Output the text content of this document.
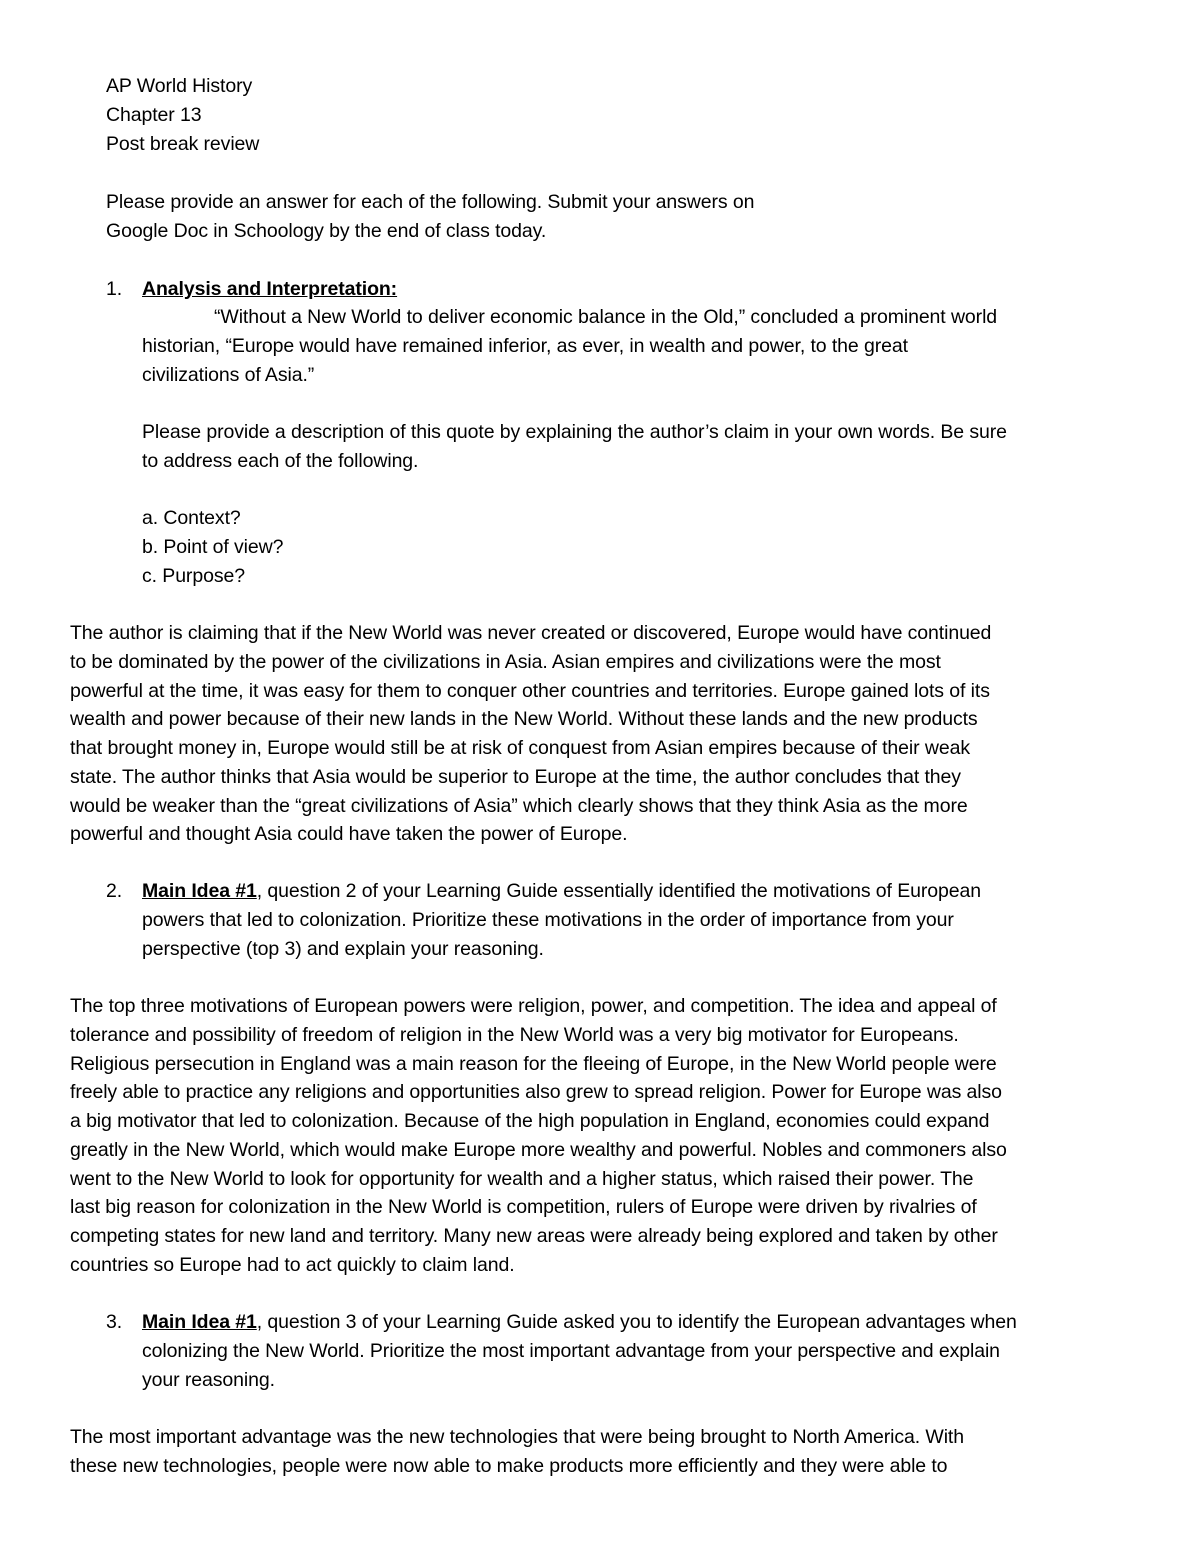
AP World History
Chapter 13
Post break review
Please provide an answer for each of the following. Submit your answers on
Google Doc in Schoology by the end of class today.
1. Analysis and Interpretation:
“Without a New World to deliver economic balance in the Old,” concluded a prominent world
historian, “Europe would have remained inferior, as ever, in wealth and power, to the great
civilizations of Asia.”
Please provide a description of this quote by explaining the author’s claim in your own words. Be sure
to address each of the following.
a. Context?
b. Point of view?
c. Purpose?
The author is claiming that if the New World was never created or discovered, Europe would have continued
to be dominated by the power of the civilizations in Asia. Asian empires and civilizations were the most
powerful at the time, it was easy for them to conquer other countries and territories. Europe gained lots of its
wealth and power because of their new lands in the New World. Without these lands and the new products
that brought money in, Europe would still be at risk of conquest from Asian empires because of their weak
state. The author thinks that Asia would be superior to Europe at the time, the author concludes that they
would be weaker than the “great civilizations of Asia” which clearly shows that they think Asia as the more
powerful and thought Asia could have taken the power of Europe.
2. Main Idea #1, question 2 of your Learning Guide essentially identified the motivations of European
powers that led to colonization. Prioritize these motivations in the order of importance from your
perspective (top 3) and explain your reasoning.
The top three motivations of European powers were religion, power, and competition. The idea and appeal of
tolerance and possibility of freedom of religion in the New World was a very big motivator for Europeans.
Religious persecution in England was a main reason for the fleeing of Europe, in the New World people were
freely able to practice any religions and opportunities also grew to spread religion. Power for Europe was also
a big motivator that led to colonization. Because of the high population in England, economies could expand
greatly in the New World, which would make Europe more wealthy and powerful. Nobles and commoners also
went to the New World to look for opportunity for wealth and a higher status, which raised their power. The
last big reason for colonization in the New World is competition, rulers of Europe were driven by rivalries of
competing states for new land and territory. Many new areas were already being explored and taken by other
countries so Europe had to act quickly to claim land.
3. Main Idea #1, question 3 of your Learning Guide asked you to identify the European advantages when
colonizing the New World. Prioritize the most important advantage from your perspective and explain
your reasoning.
The most important advantage was the new technologies that were being brought to North America. With
these new technologies, people were now able to make products more efficiently and they were able to
